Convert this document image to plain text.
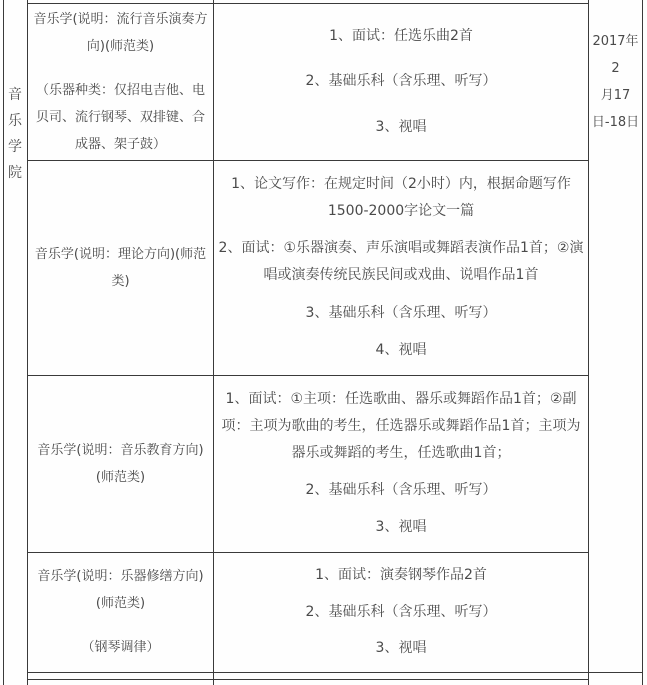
音
乐
学
院

音乐学(说明：流行音乐演奏方向)(师范类)

（乐器种类：仅招电吉他、电贝司、流行钢琴、双排键、合成器、架子鼓）

1、面试：任选乐曲2首

2、基础乐科（含乐理、听写）

3、视唱

音乐学(说明：理论方向)(师范类)

1、论文写作：在规定时间（2小时）内，根据命题写作1500-2000字论文一篇

2、面试：①乐器演奏、声乐演唱或舞蹈表演作品1首；②演唱或演奏传统民族民间或戏曲、说唱作品1首

3、基础乐科（含乐理、听写）

4、视唱

音乐学(说明：音乐教育方向)(师范类)

1、面试：①主项：任选歌曲、器乐或舞蹈作品1首；②副项：主项为歌曲的考生，任选器乐或舞蹈作品1首；主项为器乐或舞蹈的考生，任选歌曲1首；

2、基础乐科（含乐理、听写）

3、视唱

音乐学(说明：乐器修缮方向)(师范类)

（钢琴调律）

1、面试：演奏钢琴作品2首

2、基础乐科（含乐理、听写）

3、视唱

2017年2
月17
日-18日
